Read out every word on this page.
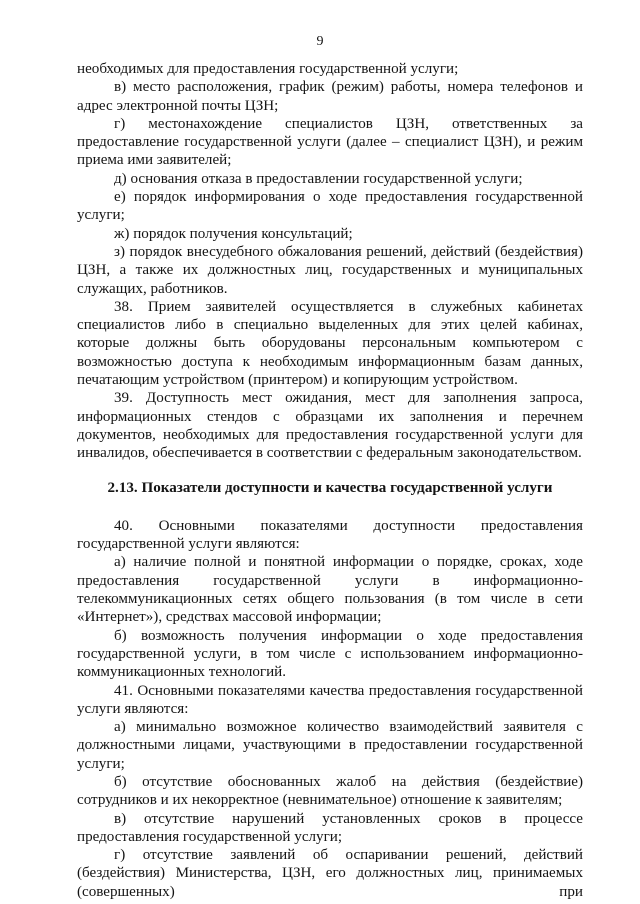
9

необходимых для предоставления государственной услуги;

в) место расположения, график (режим) работы, номера телефонов и адрес электронной почты ЦЗН;

г) местонахождение специалистов ЦЗН, ответственных за предоставление государственной услуги (далее – специалист ЦЗН), и режим приема ими заявителей;

д) основания отказа в предоставлении государственной услуги;

е) порядок информирования о ходе предоставления государственной услуги;

ж) порядок получения консультаций;

з) порядок внесудебного обжалования решений, действий (бездействия) ЦЗН, а также их должностных лиц, государственных и муниципальных служащих, работников.

38. Прием заявителей осуществляется в служебных кабинетах специалистов либо в специально выделенных для этих целей кабинах, которые должны быть оборудованы персональным компьютером с возможностью доступа к необходимым информационным базам данных, печатающим устройством (принтером) и копирующим устройством.

39. Доступность мест ожидания, мест для заполнения запроса, информационных стендов с образцами их заполнения и перечнем документов, необходимых для предоставления государственной услуги для инвалидов, обеспечивается в соответствии с федеральным законодательством.

2.13. Показатели доступности и качества государственной услуги

40. Основными показателями доступности предоставления государственной услуги являются:

а) наличие полной и понятной информации о порядке, сроках, ходе предоставления государственной услуги в информационно-телекоммуникационных сетях общего пользования (в том числе в сети «Интернет»), средствах массовой информации;

б) возможность получения информации о ходе предоставления государственной услуги, в том числе с использованием информационно-коммуникационных технологий.

41. Основными показателями качества предоставления государственной услуги являются:

а) минимально возможное количество взаимодействий заявителя с должностными лицами, участвующими в предоставлении государственной услуги;

б) отсутствие обоснованных жалоб на действия (бездействие) сотрудников и их некорректное (невнимательное) отношение к заявителям;

в) отсутствие нарушений установленных сроков в процессе предоставления государственной услуги;

г) отсутствие заявлений об оспаривании решений, действий (бездействия) Министерства, ЦЗН, его должностных лиц, принимаемых (совершенных) при
